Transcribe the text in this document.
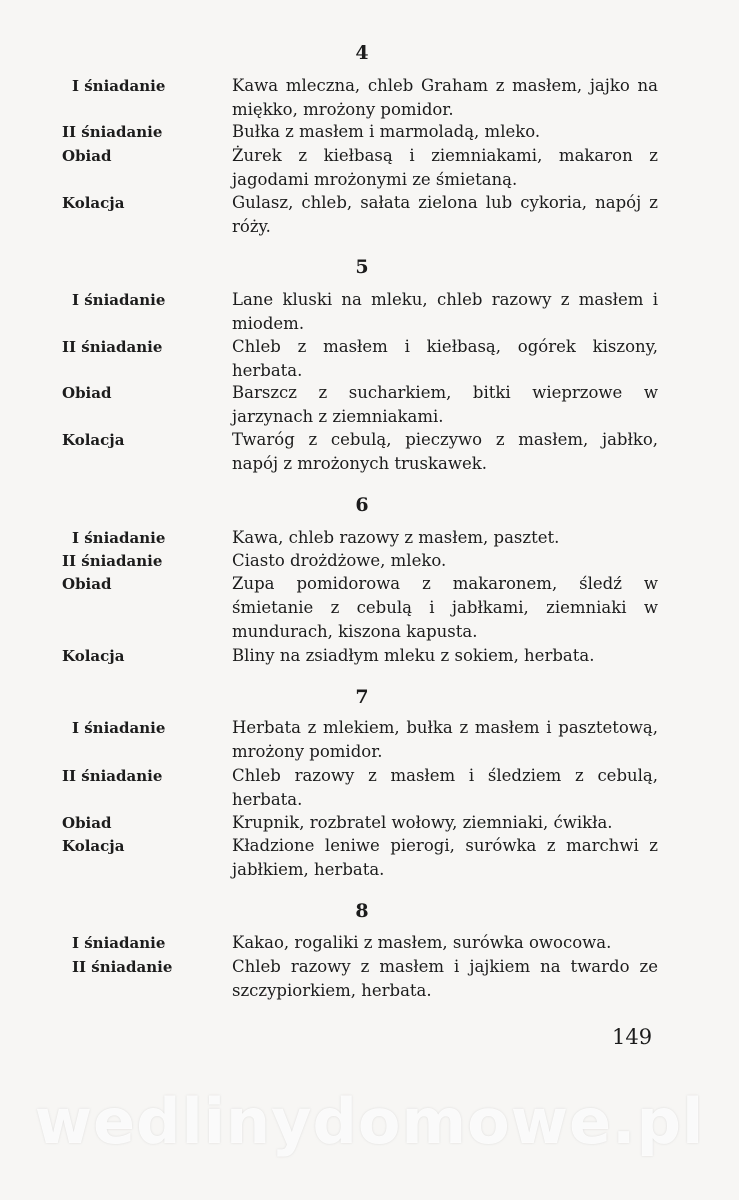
4
I śniadanie	Kawa mleczna, chleb Graham z masłem, jajko na miękko, mrożony pomidor.
II śniadanie	Bułka z masłem i marmoladą, mleko.
Obiad	Żurek z kiełbasą i ziemniakami, makaron z jagodami mrożonymi ze śmietaną.
Kolacja	Gulasz, chleb, sałata zielona lub cykoria, napój z róży.
5
I śniadanie	Lane kluski na mleku, chleb razowy z masłem i miodem.
II śniadanie	Chleb z masłem i kiełbasą, ogórek kiszony, herbata.
Obiad	Barszcz z sucharkiem, bitki wieprzowe w jarzynach z ziemniakami.
Kolacja	Twaróg z cebulą, pieczywo z masłem, jabłko, napój z mrożonych truskawek.
6
I śniadanie	Kawa, chleb razowy z masłem, pasztet.
II śniadanie	Ciasto drożdżowe, mleko.
Obiad	Zupa pomidorowa z makaronem, śledź w śmietanie z cebulą i jabłkami, ziemniaki w mundurach, kiszona kapusta.
Kolacja	Bliny na zsiadłym mleku z sokiem, herbata.
7
I śniadanie	Herbata z mlekiem, bułka z masłem i pasztetową, mrożony pomidor.
II śniadanie	Chleb razowy z masłem i śledziem z cebulą, herbata.
Obiad	Krupnik, rozbratel wołowy, ziemniaki, ćwikła.
Kolacja	Kładzione leniwe pierogi, surówka z marchwi z jabłkiem, herbata.
8
I śniadanie	Kakao, rogaliki z masłem, surówka owocowa.
II śniadanie	Chleb razowy z masłem i jajkiem na twardo ze szczypiorkiem, herbata.
149
wedlinydomowe.pl
